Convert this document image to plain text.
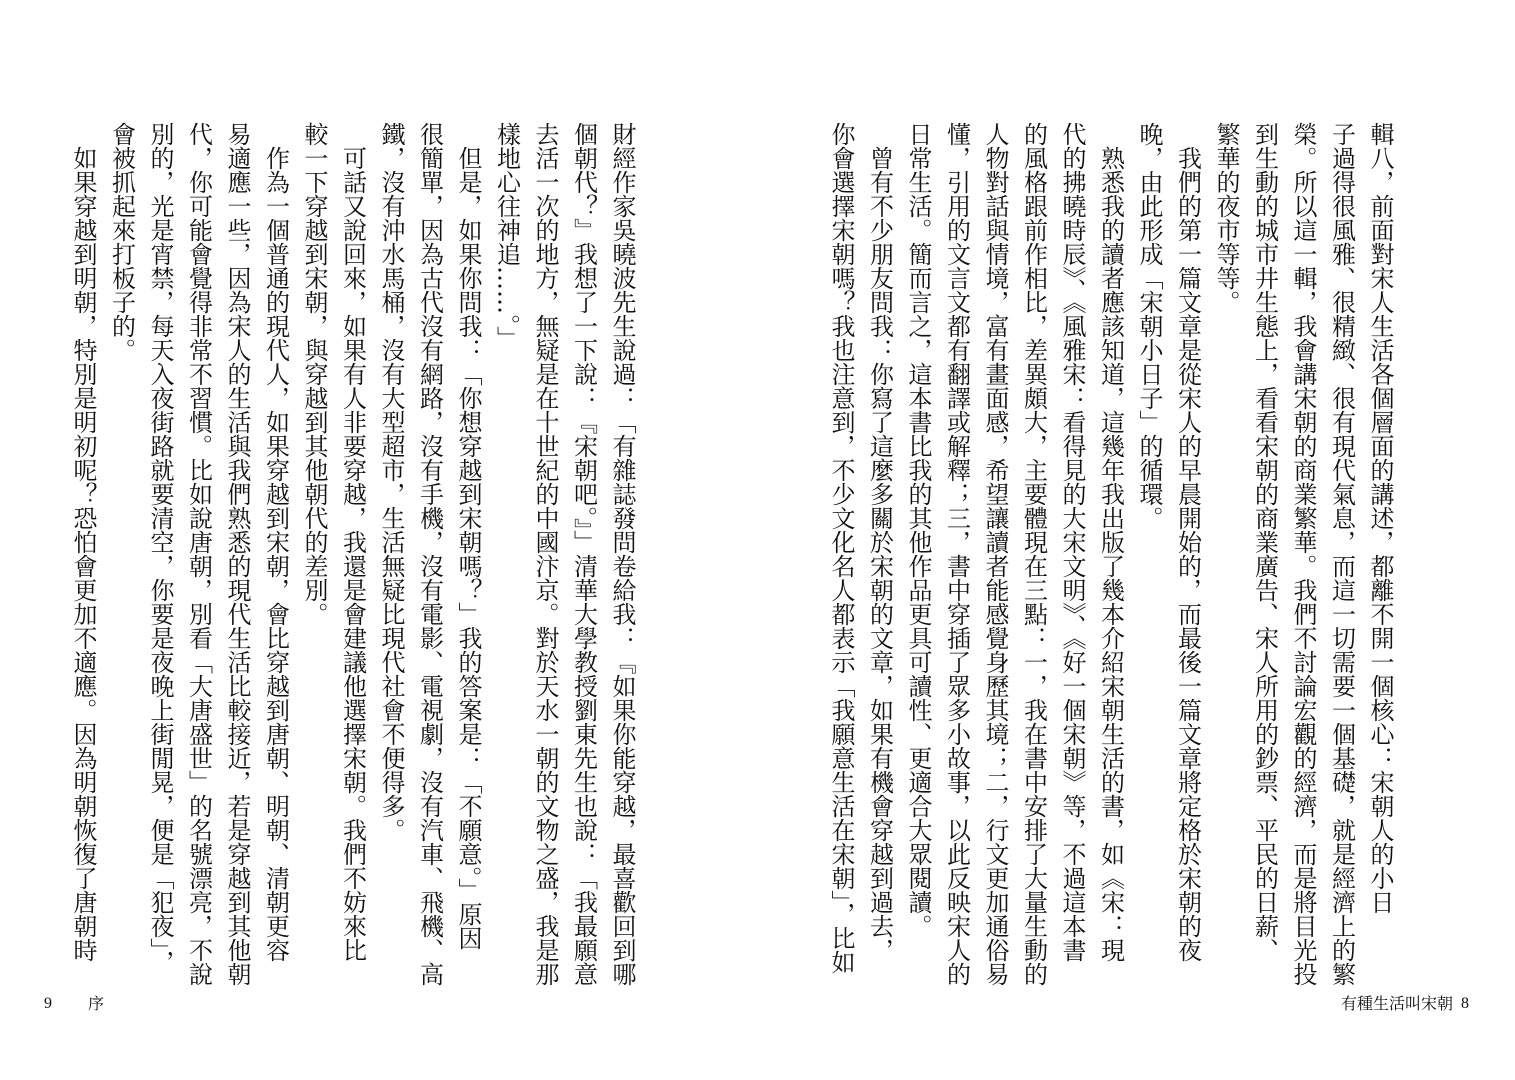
財經作家吳曉波先生說過：「有雜誌發問卷給我：『如果你能穿越，最喜歡回到哪
個朝代？』我想了一下說：『宋朝吧。』」清華大學教授劉東先生也說：「我最願意
去活一次的地方，無疑是在十世紀的中國汴京。對於天水一朝的文物之盛，我是那
樣地心往神追……。」
　但是，如果你問我：「你想穿越到宋朝嗎？」我的答案是：「不願意。」原因
很簡單，因為古代沒有網路，沒有手機，沒有電影、電視劇，沒有汽車、飛機、高
鐵，沒有沖水馬桶，沒有大型超市，生活無疑比現代社會不便得多。
　可話又說回來，如果有人非要穿越，我還是會建議他選擇宋朝。我們不妨來比
較一下穿越到宋朝，與穿越到其他朝代的差別。
　作為一個普通的現代人，如果穿越到宋朝，會比穿越到唐朝、明朝、清朝更容
易適應一些，因為宋人的生活與我們熟悉的現代生活比較接近，若是穿越到其他朝
代，你可能會覺得非常不習慣。比如說唐朝，別看「大唐盛世」的名號漂亮，不說
別的，光是宵禁，每天入夜街路就要清空，你要是夜晚上街閒晃，便是「犯夜」，
會被抓起來打板子的。
　如果穿越到明朝，特別是明初呢？恐怕會更加不適應。因為明朝恢復了唐朝時
9 序
輯八，前面對宋人生活各個層面的講述，都離不開一個核心：宋朝人的小日
子過得很風雅、很精緻、很有現代氣息，而這一切需要一個基礎，就是經濟上的繁
榮。所以這一輯，我會講宋朝的商業繁華。我們不討論宏觀的經濟，而是將目光投
到生動的城市井生態上，看看宋朝的商業廣告、宋人所用的鈔票、平民的日薪、
繁華的夜市等等。
　我們的第一篇文章是從宋人的早晨開始的，而最後一篇文章將定格於宋朝的夜
晚，由此形成「宋朝小日子」的循環。
　熟悉我的讀者應該知道，這幾年我出版了幾本介紹宋朝生活的書，如《宋：現
代的拂曉時辰》、《風雅宋：看得見的大宋文明》、《好一個宋朝》等，不過這本書
的風格跟前作相比，差異頗大，主要體現在三點：一，我在書中安排了大量生動的
人物對話與情境，富有畫面感，希望讓讀者能感覺身歷其境；二，行文更加通俗易
懂，引用的文言文都有翻譯或解釋；三，書中穿插了眾多小故事，以此反映宋人的
日常生活。簡而言之，這本書比我的其他作品更具可讀性、更適合大眾閱讀。
　曾有不少朋友問我：你寫了這麼多關於宋朝的文章，如果有機會穿越到過去，
你會選擇宋朝嗎？我也注意到，不少文化名人都表示「我願意生活在宋朝」，比如
有種生活叫宋朝 8
